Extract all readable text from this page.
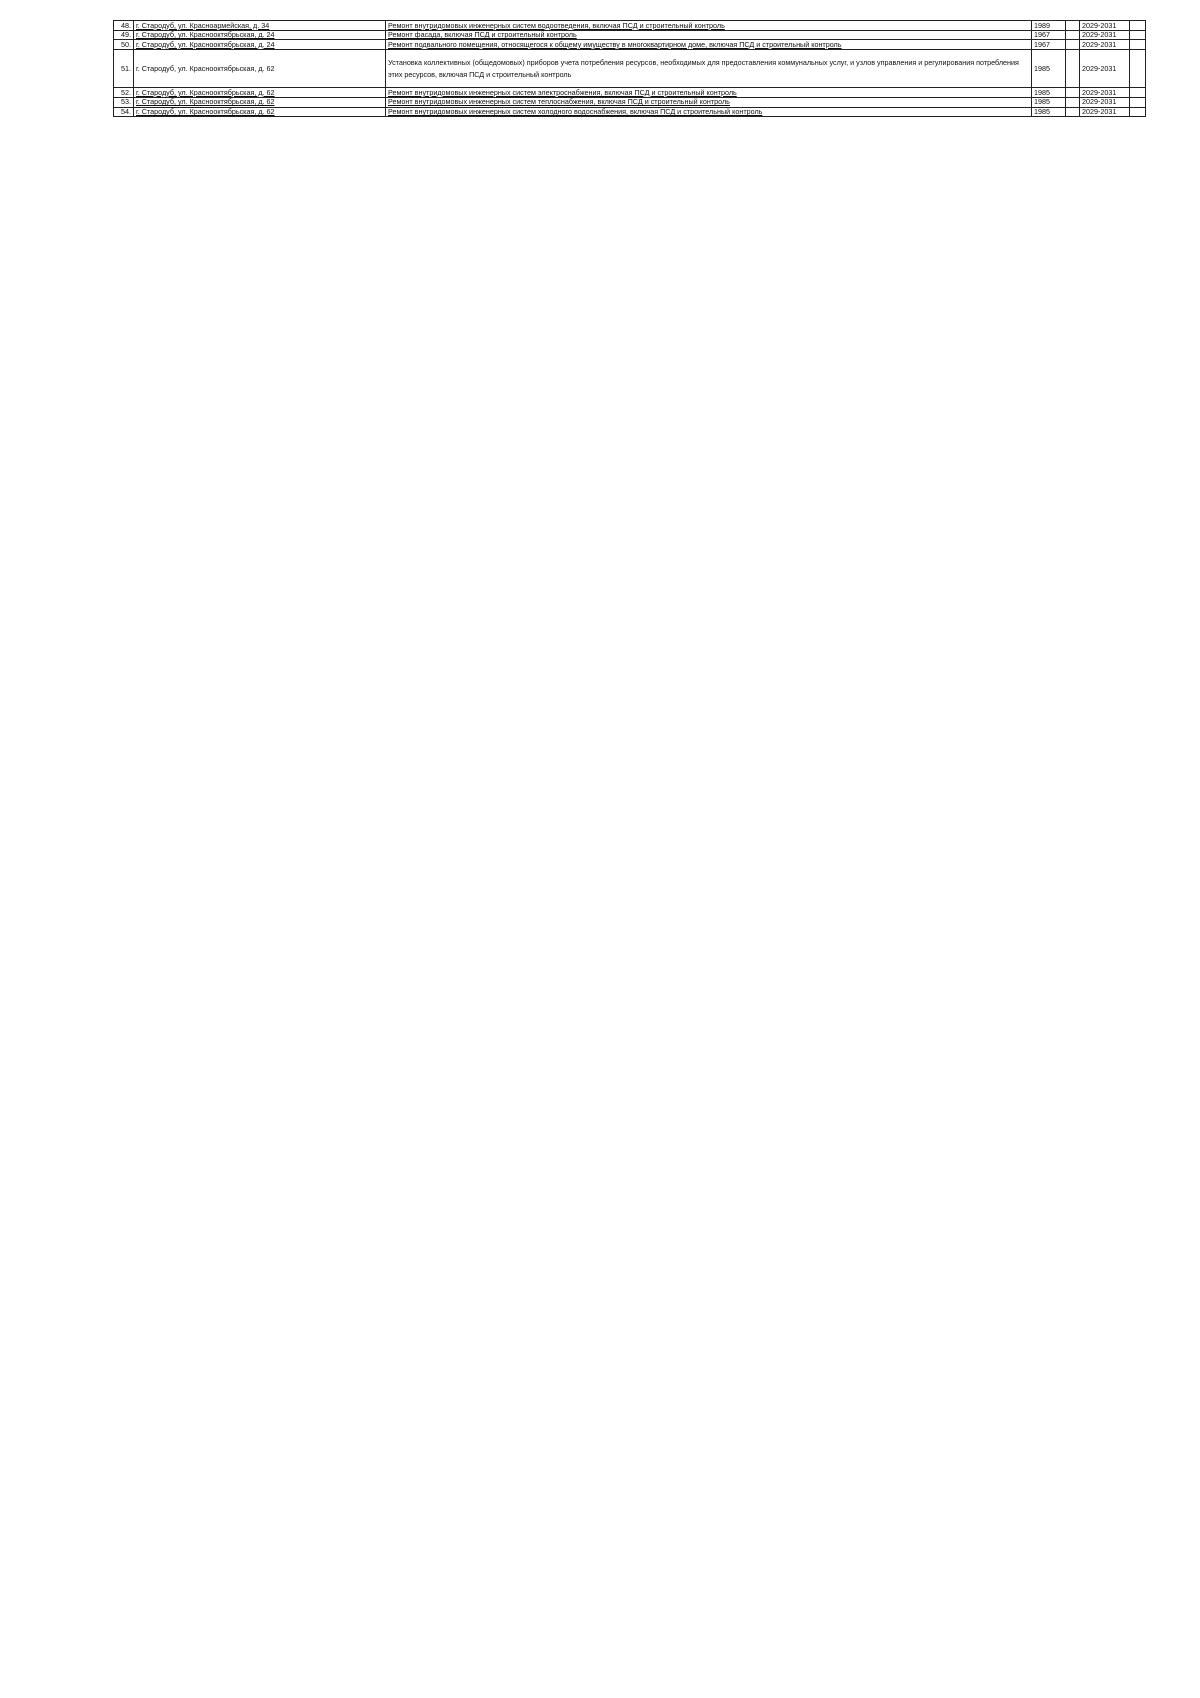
48.	г. Стародуб, ул. Красноармейская, д. 34	Ремонт внутридомовых инженерных систем водоотведения, включая ПСД и строительный контроль	1989		2029-2031	
49.	г. Стародуб, ул. Краснооктябрьская, д. 24	Ремонт фасада, включая ПСД и строительный контроль	1967		2029-2031	
50.	г. Стародуб, ул. Краснооктябрьская, д. 24	Ремонт подвального помещения, относящегося к общему имуществу в многоквартирном доме, включая ПСД и строительный контроль	1967		2029-2031	
51.	г. Стародуб, ул. Краснооктябрьская, д. 62	Установка коллективных (общедомовых) приборов учета потребления ресурсов, необходимых для предоставления коммунальных услуг, и узлов управления и регулирования потребления этих ресурсов, включая ПСД и строительный контроль	1985		2029-2031	
52.	г. Стародуб, ул. Краснооктябрьская, д. 62	Ремонт внутридомовых инженерных систем электроснабжения, включая ПСД и строительный контроль	1985		2029-2031	
53.	г. Стародуб, ул. Краснооктябрьская, д. 62	Ремонт внутридомовых инженерных систем теплоснабжения, включая ПСД и строительный контроль	1985		2029-2031	
54.	г. Стародуб, ул. Краснооктябрьская, д. 62	Ремонт внутридомовых инженерных систем холодного водоснабжения, включая ПСД и строительный контроль	1985		2029-2031	
